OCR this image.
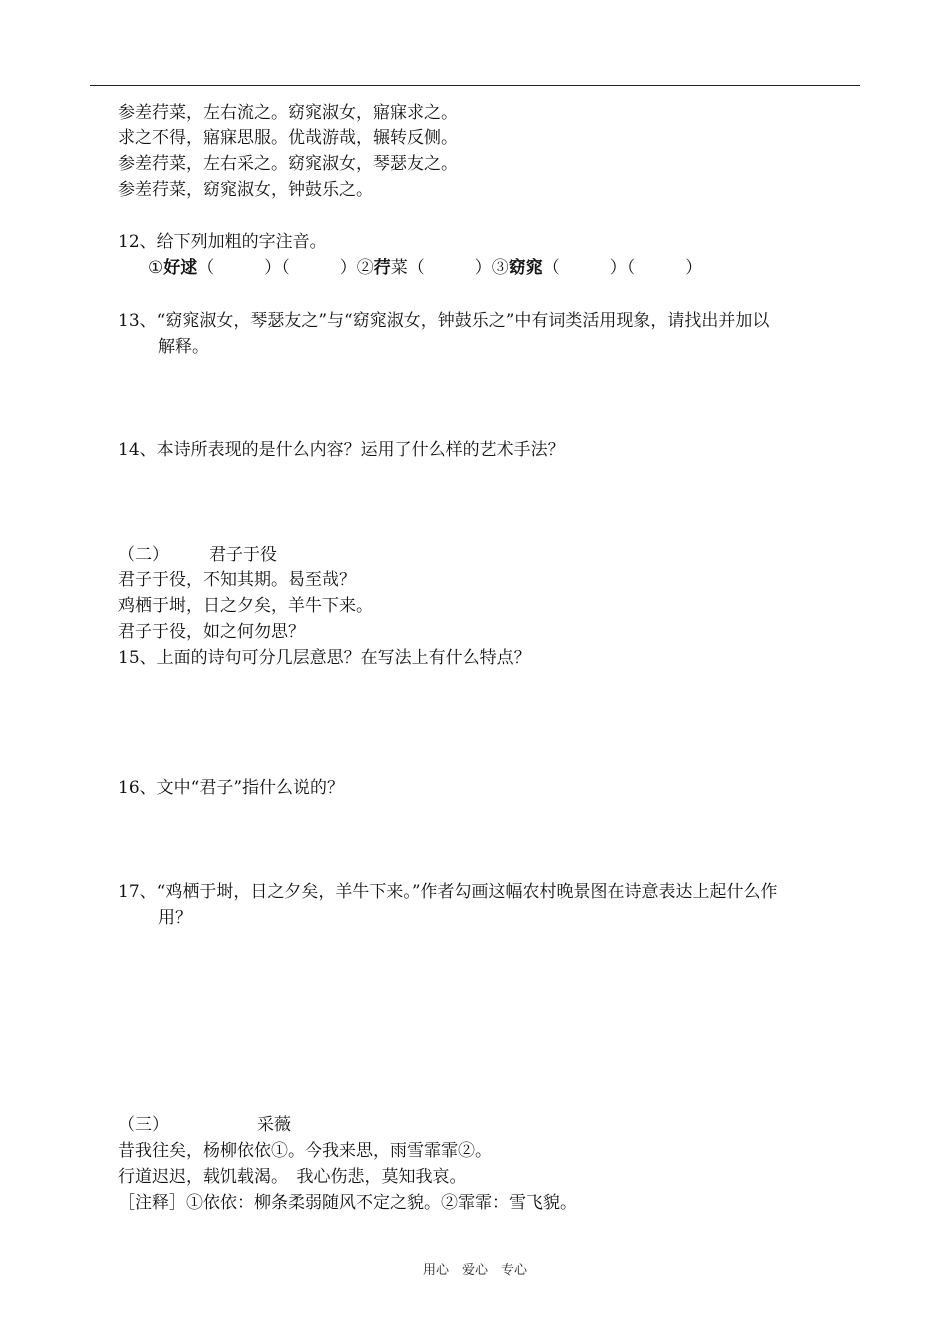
参差荇菜，左右流之。窈窕淑女，寤寐求之。
求之不得，寤寐思服。优哉游哉，辗转反侧。
参差荇菜，左右采之。窈窕淑女，琴瑟友之。
参差荇菜，窈窕淑女，钟鼓乐之。
12、给下列加粗的字注音。
①好逑（	）（	）②荇菜（	）③窈窕（	）（	）
13、“窈窕淑女，琴瑟友之”与“窈窕淑女，钟鼓乐之”中有词类活用现象，请找出并加以
解释。
14、本诗所表现的是什么内容？运用了什么样的艺术手法？
（二） 君子于役
君子于役，不知其期。曷至哉？
鸡栖于埘，日之夕矣，羊牛下来。
君子于役，如之何勿思？
15、上面的诗句可分几层意思？在写法上有什么特点？
16、文中“君子”指什么说的？
17、“鸡栖于埘，日之夕矣，羊牛下来。”作者勾画这幅农村晚景图在诗意表达上起什么作
用？
（三）	采薇
昔我往矣，杨柳依依①。今我来思，雨雪霏霏②。
行道迟迟，载饥载渴。　我心伤悲，莫知我哀。
［注释］①依依：柳条柔弱随风不定之貌。②霏霏：雪飞貌。
用心　爱心　专心
